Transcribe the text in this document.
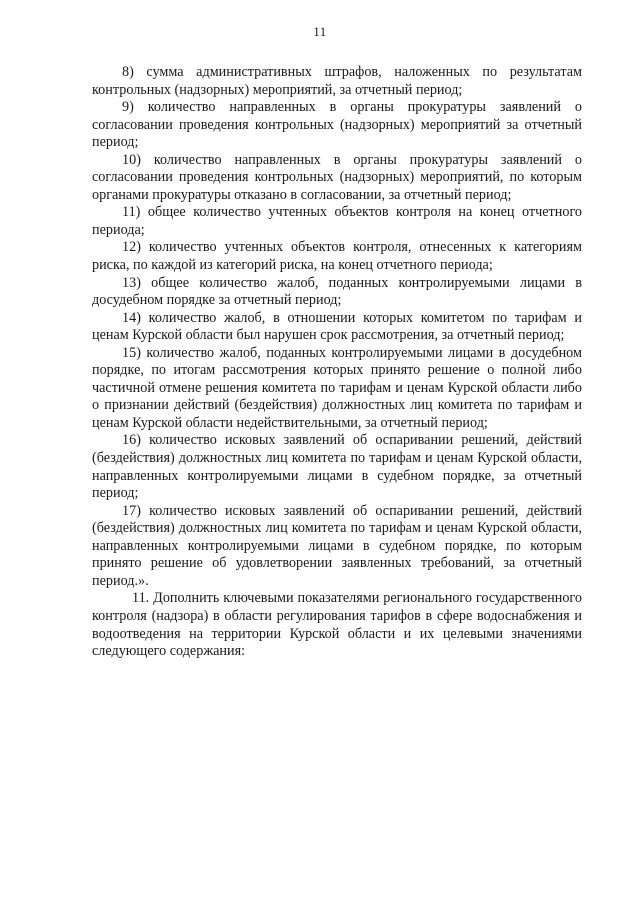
11

8) сумма административных штрафов, наложенных по результатам контрольных (надзорных) мероприятий, за отчетный период;

9) количество направленных в органы прокуратуры заявлений о согласовании проведения контрольных (надзорных) мероприятий за отчетный период;

10) количество направленных в органы прокуратуры заявлений о согласовании проведения контрольных (надзорных) мероприятий, по которым органами прокуратуры отказано в согласовании, за отчетный период;

11) общее количество учтенных объектов контроля на конец отчетного периода;

12) количество учтенных объектов контроля, отнесенных к категориям риска, по каждой из категорий риска, на конец отчетного периода;

13) общее количество жалоб, поданных контролируемыми лицами в досудебном порядке за отчетный период;

14) количество жалоб, в отношении которых комитетом по тарифам и ценам Курской области был нарушен срок рассмотрения, за отчетный период;

15) количество жалоб, поданных контролируемыми лицами в досудебном порядке, по итогам рассмотрения которых принято решение о полной либо частичной отмене решения комитета по тарифам и ценам Курской области либо о признании действий (бездействия) должностных лиц комитета по тарифам и ценам Курской области недействительными, за отчетный период;

16) количество исковых заявлений об оспаривании решений, действий (бездействия) должностных лиц комитета по тарифам и ценам Курской области, направленных контролируемыми лицами в судебном порядке, за отчетный период;

17) количество исковых заявлений об оспаривании решений, действий (бездействия) должностных лиц комитета по тарифам и ценам Курской области, направленных контролируемыми лицами в судебном порядке, по которым принято решение об удовлетворении заявленных требований, за отчетный период.».

11. Дополнить ключевыми показателями регионального государственного контроля (надзора) в области регулирования тарифов в сфере водоснабжения и водоотведения на территории Курской области и их целевыми значениями следующего содержания:
